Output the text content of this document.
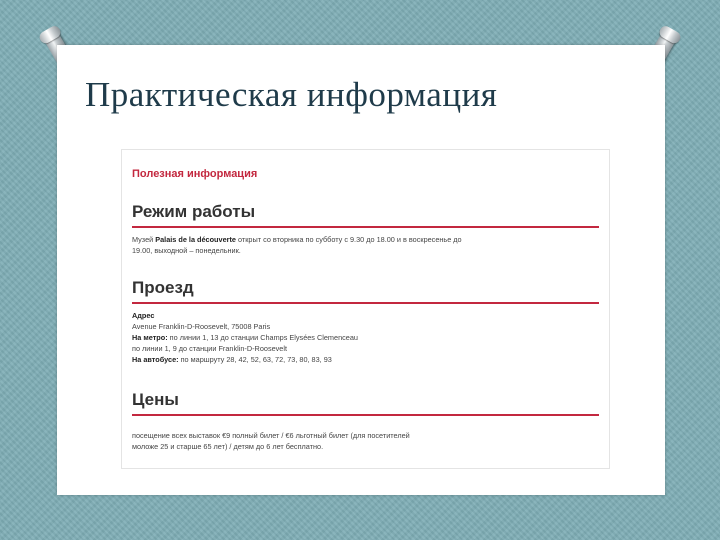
Практическая информация

Полезная информация

Режим работы

Музей Palais de la découverte открыт со вторника по субботу с 9.30 до 18.00 и в воскресенье до
19.00, выходной – понедельник.

Проезд

Адрес
Avenue Franklin-D-Roosevelt, 75008 Paris
На метро: по линии 1, 13 до станции Champs Elysées Clemenceau
по линии 1, 9 до станции Franklin-D-Roosevelt
На автобусе: по маршруту 28, 42, 52, 63, 72, 73, 80, 83, 93

Цены

посещение всех выставок €9 полный билет / €6 льготный билет (для посетителей
моложе 25 и старше 65 лет) / детям до 6 лет бесплатно.
